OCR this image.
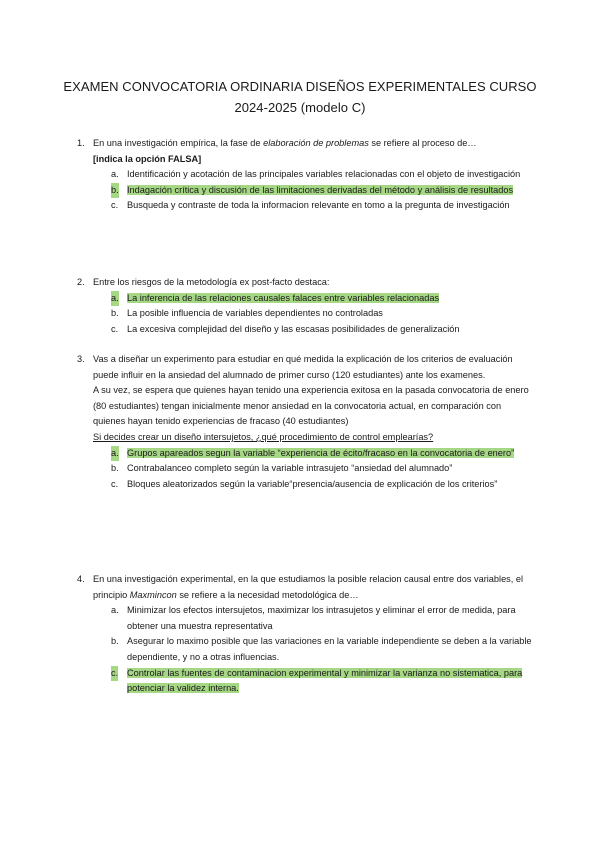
EXAMEN CONVOCATORIA ORDINARIA DISEÑOS EXPERIMENTALES CURSO
2024-2025 (modelo C)
1. En una investigación empírica, la fase de elaboración de problemas se refiere al proceso de…

[indica la opción FALSA]

a. Identificación y acotación de las principales variables relacionadas con el objeto de investigación
b. Indagación crítica y discusión de las limitaciones derivadas del método y análisis de resultados
c. Busqueda y contraste de toda la informacion relevante en tomo a la pregunta de investigación
2. Entre los riesgos de la metodología ex post-facto destaca:

a. La inferencia de las relaciones causales falaces entre variables relacionadas
b. La posible influencia de variables dependientes no controladas
c. La excesiva complejidad del diseño y las escasas posibilidades de generalización
3. Vas a diseñar un experimento para estudiar en qué medida la explicación de los criterios de evaluación puede influir en la ansiedad del alumnado de primer curso (120 estudiantes) ante los examenes.

A su vez, se espera que quienes hayan tenido una experiencia exitosa en la pasada convocatoria de enero (80 estudiantes) tengan inicialmente menor ansiedad en la convocatoria actual, en comparación con quienes hayan tenido experiencias de fracaso (40 estudiantes)

Si decides crear un diseño intersujetos, ¿qué procedimiento de control emplearías?

a. Grupos apareados segun la variable “experiencia de écito/fracaso en la convocatoria de enero”
b. Contrabalanceo completo según la variable intrasujeto “ansiedad del alumnado”
c. Bloques aleatorizados según la variable“presencia/ausencia de explicación de los criterios”
4. En una investigación experimental, en la que estudiamos la posible relacion causal entre dos variables, el principio Maxmincon se refiere a la necesidad metodológica de…

a. Minimizar los efectos intersujetos, maximizar los intrasujetos y eliminar el error de medida, para obtener una muestra representativa
b. Asegurar lo maximo posible que las variaciones en la variable independiente se deben a la variable dependiente, y no a otras influencias.
c. Controlar las fuentes de contaminacion experimental y minimizar la varianza no sistematica, para potenciar la validez interna.
